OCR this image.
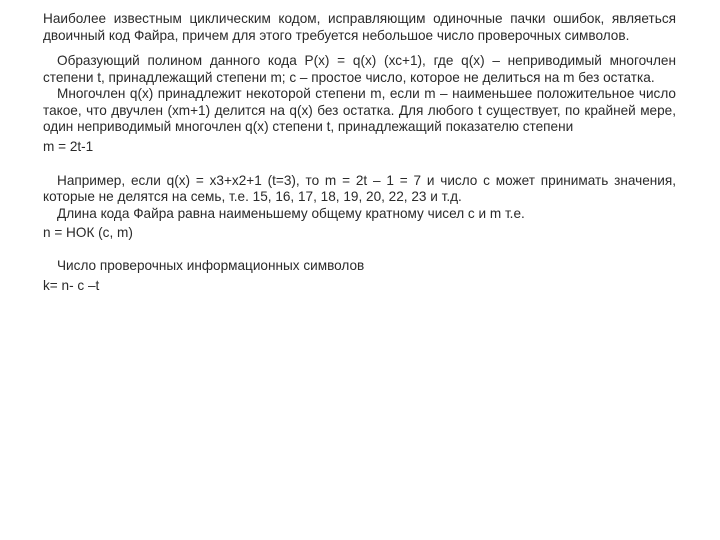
Наиболее известным циклическим кодом, исправляющим одиночные пачки ошибок, являеться двоичный код Файра, причем для этого требуется небольшое число проверочных символов.

Образующий полином данного кода Р(х) = q(х) (хс+1), где q(х) – неприводимый многочлен степени t, принадлежащий степени m; с – простое число, которое не делиться на m без остатка.

Многочлен q(х) принадлежит некоторой степени m, если m – наименьшее положительное число такое, что двучлен (хm+1) делится на q(х) без остатка. Для любого t существует, по крайней мере, один неприводимый многочлен q(х) степени t, принадлежащий показателю степени

m = 2t-1

Например, если q(х) = х3+х2+1 (t=3), то m = 2t – 1 = 7 и число с может принимать значения, которые не делятся на семь, т.е. 15, 16, 17, 18, 19, 20, 22, 23 и т.д.

Длина кода Файра равна наименьшему общему кратному чисел с и m т.е.

n = НОК (с, m)

Число проверочных информационных символов

k= n- с –t
